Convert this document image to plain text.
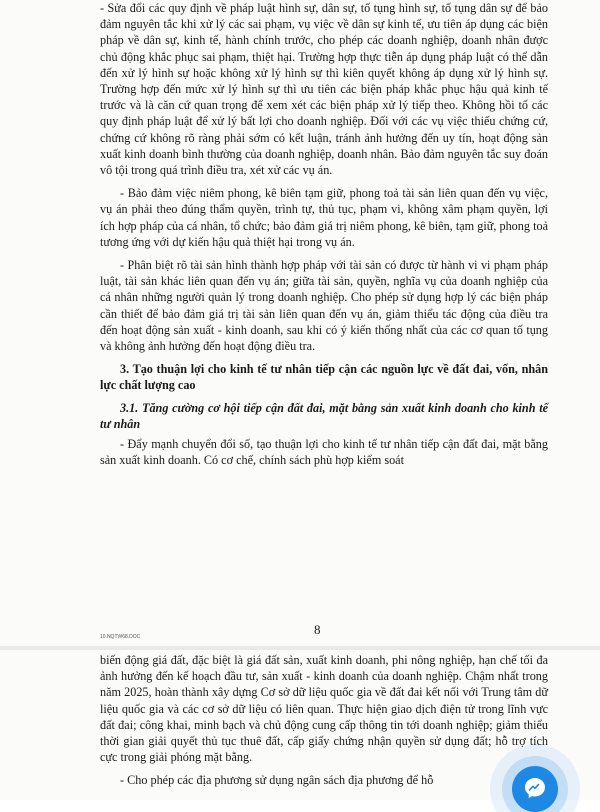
- Sửa đổi các quy định về pháp luật hình sự, dân sự, tố tụng hình sự, tố tụng dân sự để bảo đảm nguyên tắc khi xử lý các sai phạm, vụ việc về dân sự kinh tế, ưu tiên áp dụng các biện pháp về dân sự, kinh tế, hành chính trước, cho phép các doanh nghiệp, doanh nhân được chủ động khắc phục sai phạm, thiệt hại. Trường hợp thực tiễn áp dụng pháp luật có thể dẫn đến xử lý hình sự hoặc không xử lý hình sự thì kiên quyết không áp dụng xử lý hình sự. Trường hợp đến mức xử lý hình sự thì ưu tiên các biện pháp khắc phục hậu quả kinh tế trước và là căn cứ quan trọng để xem xét các biện pháp xử lý tiếp theo. Không hồi tố các quy định pháp luật để xử lý bất lợi cho doanh nghiệp. Đối với các vụ việc thiếu chứng cứ, chứng cứ không rõ ràng phải sớm có kết luận, tránh ảnh hưởng đến uy tín, hoạt động sản xuất kinh doanh bình thường của doanh nghiệp, doanh nhân. Bảo đảm nguyên tắc suy đoán vô tội trong quá trình điều tra, xét xử các vụ án.

- Bảo đảm việc niêm phong, kê biên tạm giữ, phong toả tài sản liên quan đến vụ việc, vụ án phải theo đúng thẩm quyền, trình tự, thủ tục, phạm vi, không xâm phạm quyền, lợi ích hợp pháp của cá nhân, tổ chức; bảo đảm giá trị niêm phong, kê biên, tạm giữ, phong toả tương ứng với dự kiến hậu quả thiệt hại trong vụ án.

- Phân biệt rõ tài sản hình thành hợp pháp với tài sản có được từ hành vi vi phạm pháp luật, tài sản khác liên quan đến vụ án; giữa tài sản, quyền, nghĩa vụ của doanh nghiệp của cá nhân những người quản lý trong doanh nghiệp. Cho phép sử dụng hợp lý các biện pháp cần thiết để bảo đảm giá trị tài sản liên quan đến vụ án, giảm thiểu tác động của điều tra đến hoạt động sản xuất - kinh doanh, sau khi có ý kiến thống nhất của các cơ quan tố tụng và không ảnh hưởng đến hoạt động điều tra.

3. Tạo thuận lợi cho kinh tế tư nhân tiếp cận các nguồn lực về đất đai, vốn, nhân lực chất lượng cao
3.1. Tăng cường cơ hội tiếp cận đất đai, mặt bằng sản xuất kinh doanh cho kinh tế tư nhân

- Đẩy mạnh chuyển đổi số, tạo thuận lợi cho kinh tế tư nhân tiếp cận đất đai, mặt bằng sản xuất kinh doanh. Có cơ chế, chính sách phù hợp kiểm soát

10.NQTW68.DOC	8

biến động giá đất, đặc biệt là giá đất sản, xuất kinh doanh, phi nông nghiệp, hạn chế tối đa ảnh hưởng đến kế hoạch đầu tư, sản xuất - kinh doanh của doanh nghiệp. Chậm nhất trong năm 2025, hoàn thành xây dựng Cơ sở dữ liệu quốc gia về đất đai kết nối với Trung tâm dữ liệu quốc gia và các cơ sở dữ liệu có liên quan. Thực hiện giao dịch điện tử trong lĩnh vực đất đai; công khai, minh bạch và chủ động cung cấp thông tin tới doanh nghiệp; giảm thiểu thời gian giải quyết thủ tục thuê đất, cấp giấy chứng nhận quyền sử dụng đất; hỗ trợ tích cực trong giải phóng mặt bằng.

- Cho phép các địa phương sử dụng ngân sách địa phương để hỗ
